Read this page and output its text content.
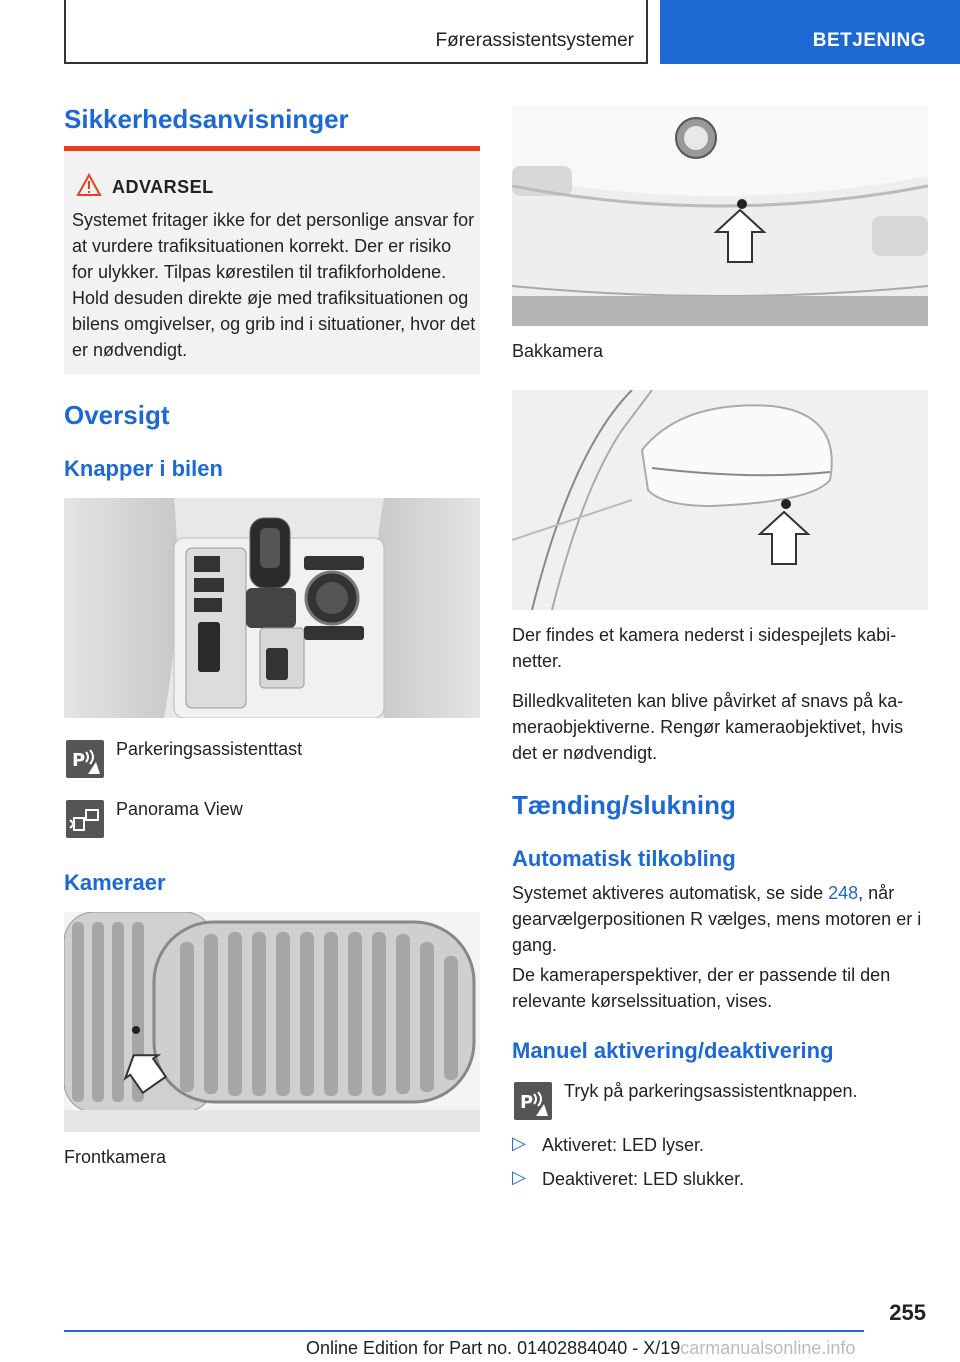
Førerassistentsystemer	BETJENING
Sikkerhedsanvisninger
ADVARSEL
Systemet fritager ikke for det personlige ansvar for at vurdere trafiksituationen korrekt. Der er risiko for ulykker. Tilpas kørestilen til trafikforholdene. Hold desuden direkte øje med trafiksituationen og bilens omgivelser, og grib ind i situationer, hvor det er nødvendigt.
Oversigt
Knapper i bilen
P
Parkeringsassistenttast
Panorama View
Kameraer
Frontkamera
Bakkamera
Der findes et kamera nederst i sidespejlets kabinetter.
Billedkvaliteten kan blive påvirket af snavs på kameraobjektiverne. Rengør kameraobjektivet, hvis det er nødvendigt.
Tænding/slukning
Automatisk tilkobling
Systemet aktiveres automatisk, se side 248, når gearvælgerpositionen R vælges, mens motoren er i gang.
De kameraperspektiver, der er passende til den relevante kørselssituation, vises.
Manuel aktivering/deaktivering
P
Tryk på parkeringsassistentknappen.
▷ Aktiveret: LED lyser.
▷ Deaktiveret: LED slukker.
255
Online Edition for Part no. 01402884040 - X/19carmanualsonline.info
